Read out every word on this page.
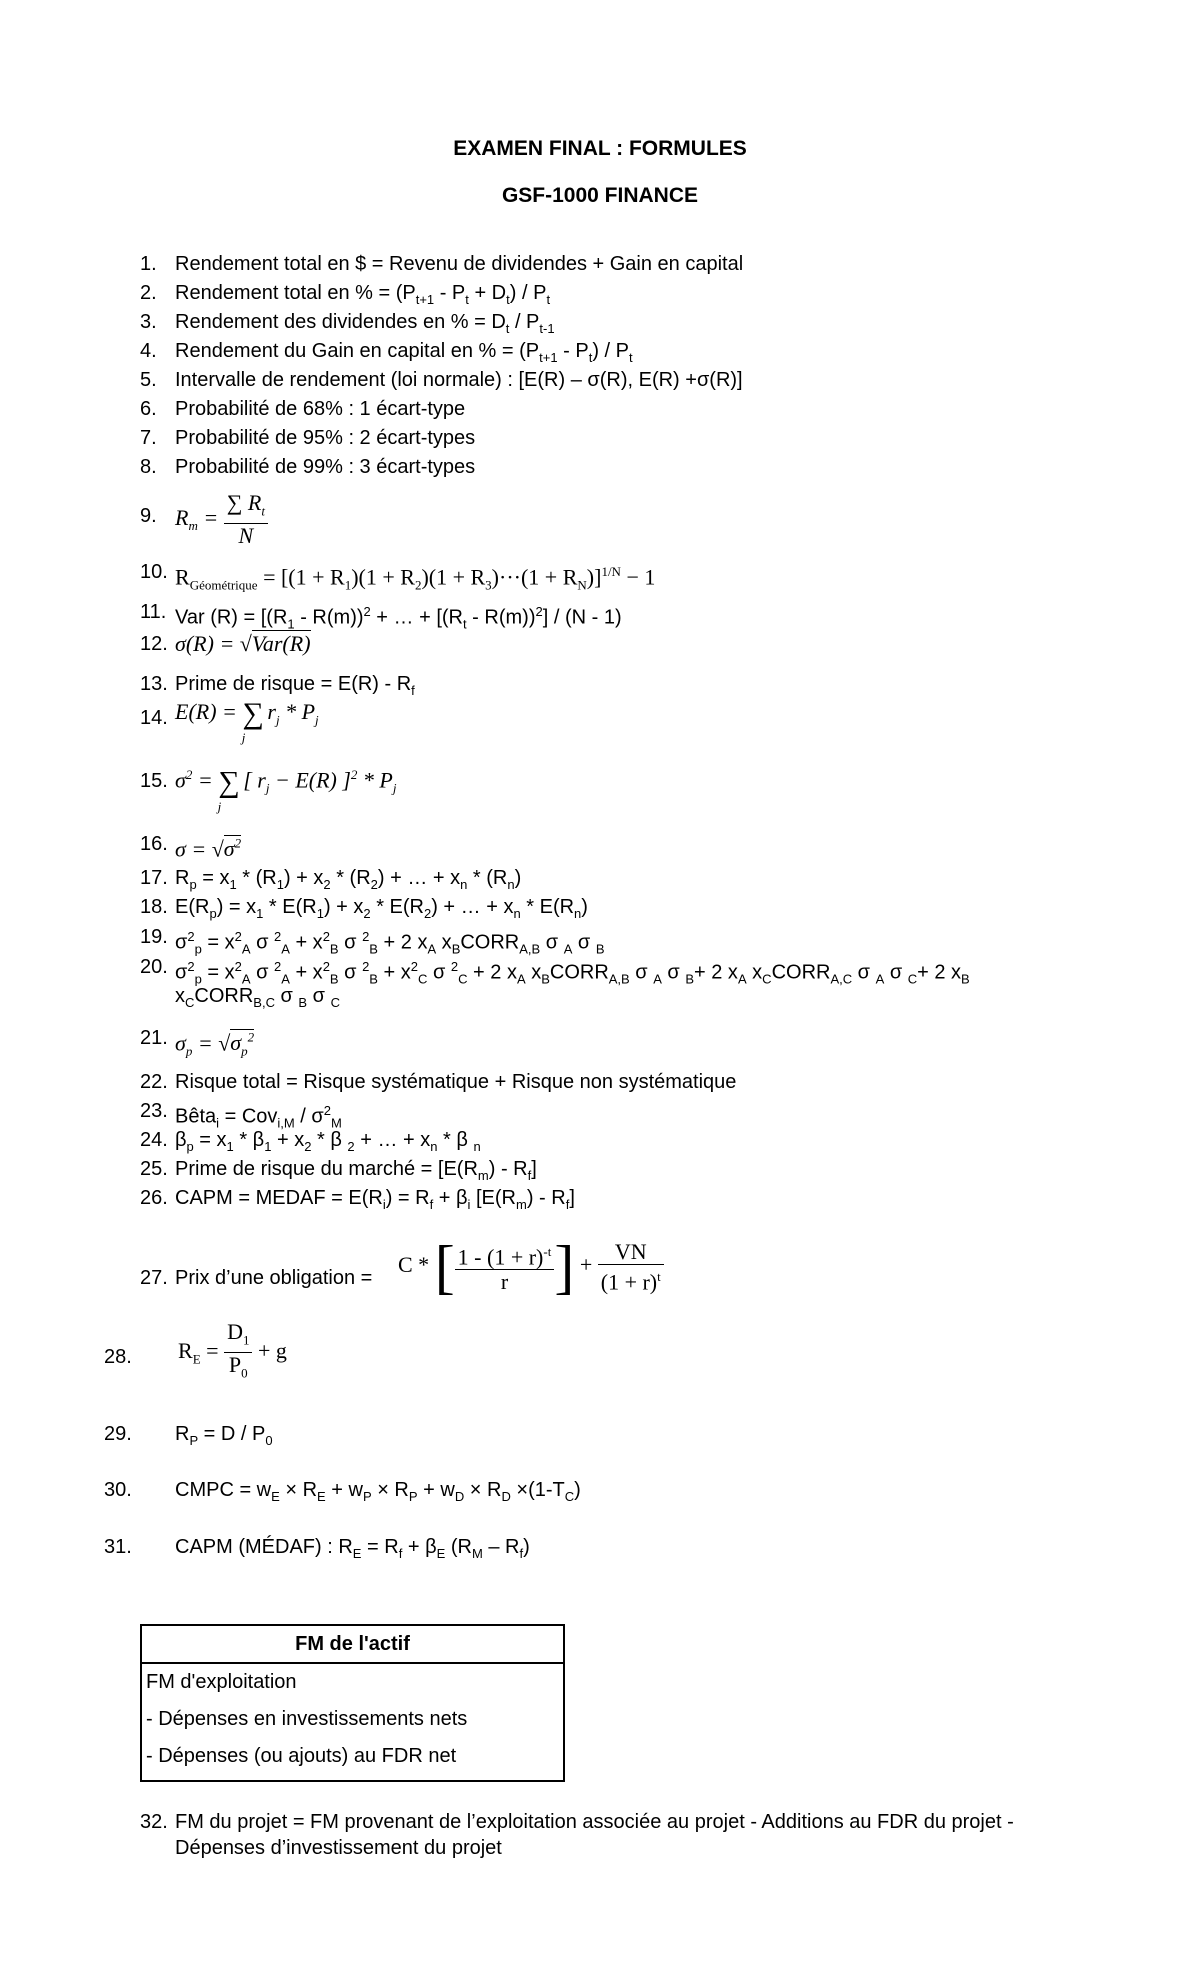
EXAMEN FINAL : FORMULES
GSF-1000 FINANCE
1. Rendement total en $ = Revenu de dividendes + Gain en capital
2. Rendement total en % = $(P_{t+1} - P_t + D_t) / P_t$
3. Rendement des dividendes en % = $D_t / P_{t-1}$
4. Rendement du Gain en capital en % = $(P_{t+1} - P_t) / P_t$
5. Intervalle de rendement (loi normale) : [E(R) – σ(R), E(R) +σ(R)]
6. Probabilité de 68% : 1 écart-type
7. Probabilité de 95% : 2 écart-types
8. Probabilité de 99% : 3 écart-types
9. $R_m = \frac{\sum R_t}{N}$
10. $R_{Géométrique} = [(1 + R_1)(1 + R_2)(1 + R_3)\cdot\cdot\cdot(1 + R_N)]^{1/N} - 1$
11. Var $(R) = [(R_1 - R(m))^2$ + … + $[(R_t - R(m))^2] / (N - 1)$
12. σ(R) = √Var(R)
13. Prime de risque = $E(R) - R_f$
14. $E(R) = \sum_jr_j * P_j$
15. $\sigma^2 = \sum_j$[ $r_j - E(R)$ ]$^2 * P_j$
16. $\sigma = √\sigma^2$
17. $R_p = x_1 * (R_1) + x_2 * (R_2)$ + … + $x_n * (R_n)$
18. $E(R_p) = x_1 * E(R_1) + x_2 * E(R_2)$ + … + $x_n * E(R_n)$
19. $\sigma^2_p = x^2_A$ σ $^2_A + x^2_B$ σ $^2_B$ + 2 $x_A$ $x_BCORR_{A,B}$ σ $_A$ σ $_B$
20. $\sigma^2_p = x^2_A$ σ $^2_A + x^2_B$ σ $^2_B + x^2_C$ σ $^2_C$ + 2 $x_A$ $x_BCORR_{A,B}$ σ $_A$ σ $_B$+ 2 $x_A$ $x_CCORR_{A,C}$ σ $_A$ σ $_C$+ 2 $x_B$
$x_CCORR_{B,C}$ σ $_B$ σ $_C$
21. $\sigma_p = √\sigma_p^2$
22. Risque total = Risque systématique + Risque non systématique
23. Bêta$_i$ = $Cov_{i,M} / \sigma^2_M$
24. $\beta_p = x_1 * \beta_1 + x_2 * \beta$ $_2$ + … + $x_n$ * β $_n$
25. Prime de risque du marché = $[E(R_m) - R_f]$
26. CAPM = MEDAF = $E(R_i) = R_f + \beta_i$ $[E(R_m) - R_f]$
27. Prix d’une obligation =
C * [ $\frac{1 - (1 + r)^{-t}}{r}$ ] + $\frac{VN}{(1 + r)^t}$
28. $R_E = \frac{D_1}{P_0} + g$
29. $R_P = D / P_0$
30. CMPC = $w_E \times R_E + w_P \times R_P + w_D \times R_D \times(1-T_C)$
31. CAPM (MÉDAF) : $R_E = R_f + \beta_E$ $(R_M - R_f)$
FM de l'actif
FM d'exploitation
- Dépenses en investissements nets
- Dépenses (ou ajouts) au FDR net
32. FM du projet = FM provenant de l’exploitation associée au projet - Additions au FDR du projet -
Dépenses d’investissement du projet
